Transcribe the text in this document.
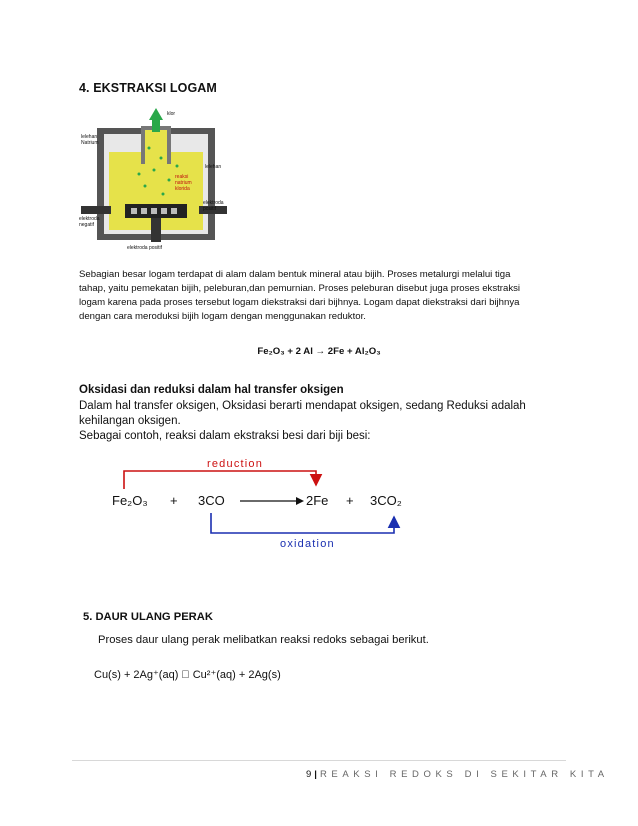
4. EKSTRAKSI LOGAM
klor
lelehan
Natrium
reaksi
natrium
klorida
lelehan
elektroda
negatif
elektroda
positif
elektroda positif
Sebagian besar logam terdapat di alam dalam bentuk mineral atau bijih. Proses metalurgi melalui tiga
tahap, yaitu pemekatan bijih, peleburan,dan pemurnian. Proses peleburan disebut juga proses ekstraksi
logam karena pada proses tersebut logam diekstraksi dari bijhnya. Logam dapat diekstraksi dari bijhnya
dengan cara meroduksi bijih logam dengan menggunakan reduktor.
Fe₂O₃ + 2 Al → 2Fe + Al₂O₃
Oksidasi dan reduksi dalam hal transfer oksigen
Dalam hal transfer oksigen, Oksidasi berarti mendapat oksigen, sedang Reduksi adalah
kehilangan oksigen.
Sebagai contoh, reaksi dalam ekstraksi besi dari biji besi:
reduction
Fe₂O₃ + 3CO	2Fe + 3CO₂
oxidation
5. DAUR ULANG PERAK
Proses daur ulang perak melibatkan reaksi redoks sebagai berikut.
Cu(s) + 2Ag⁺(aq) ⃞ Cu²⁺(aq) + 2Ag(s)
9 | REAKSI REDOKS DI SEKITAR KITA
